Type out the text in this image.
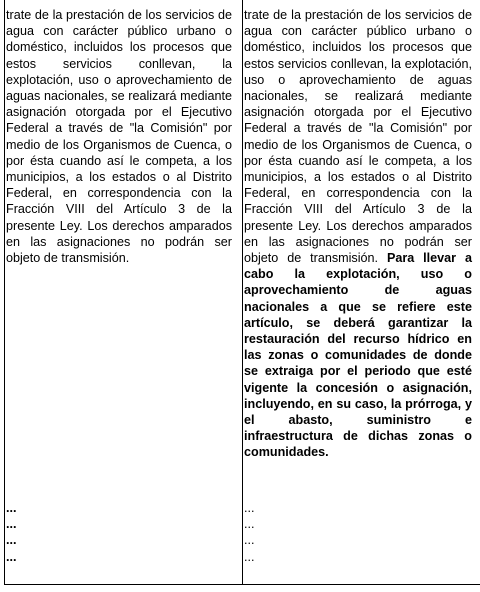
trate de la prestación de los servicios de agua con carácter público urbano o doméstico, incluidos los procesos que estos servicios conllevan, la explotación, uso o aprovechamiento de aguas nacionales, se realizará mediante asignación otorgada por el Ejecutivo Federal a través de "la Comisión" por medio de los Organismos de Cuenca, o por ésta cuando así le competa, a los municipios, a los estados o al Distrito Federal, en correspondencia con la Fracción VIII del Artículo 3 de la presente Ley. Los derechos amparados en las asignaciones no podrán ser objeto de transmisión.

trate de la prestación de los servicios de agua con carácter público urbano o doméstico, incluidos los procesos que estos servicios conllevan, la explotación, uso o aprovechamiento de aguas nacionales, se realizará mediante asignación otorgada por el Ejecutivo Federal a través de "la Comisión" por medio de los Organismos de Cuenca, o por ésta cuando así le competa, a los municipios, a los estados o al Distrito Federal, en correspondencia con la Fracción VIII del Artículo 3 de la presente Ley. Los derechos amparados en las asignaciones no podrán ser objeto de transmisión. Para llevar a cabo la explotación, uso o aprovechamiento de aguas nacionales a que se refiere este artículo, se deberá garantizar la restauración del recurso hídrico en las zonas o comunidades de donde se extraiga por el periodo que esté vigente la concesión o asignación, incluyendo, en su caso, la prórroga, y el abasto, suministro e infraestructura de dichas zonas o comunidades.

...
...
...
...
...
...
...
...
